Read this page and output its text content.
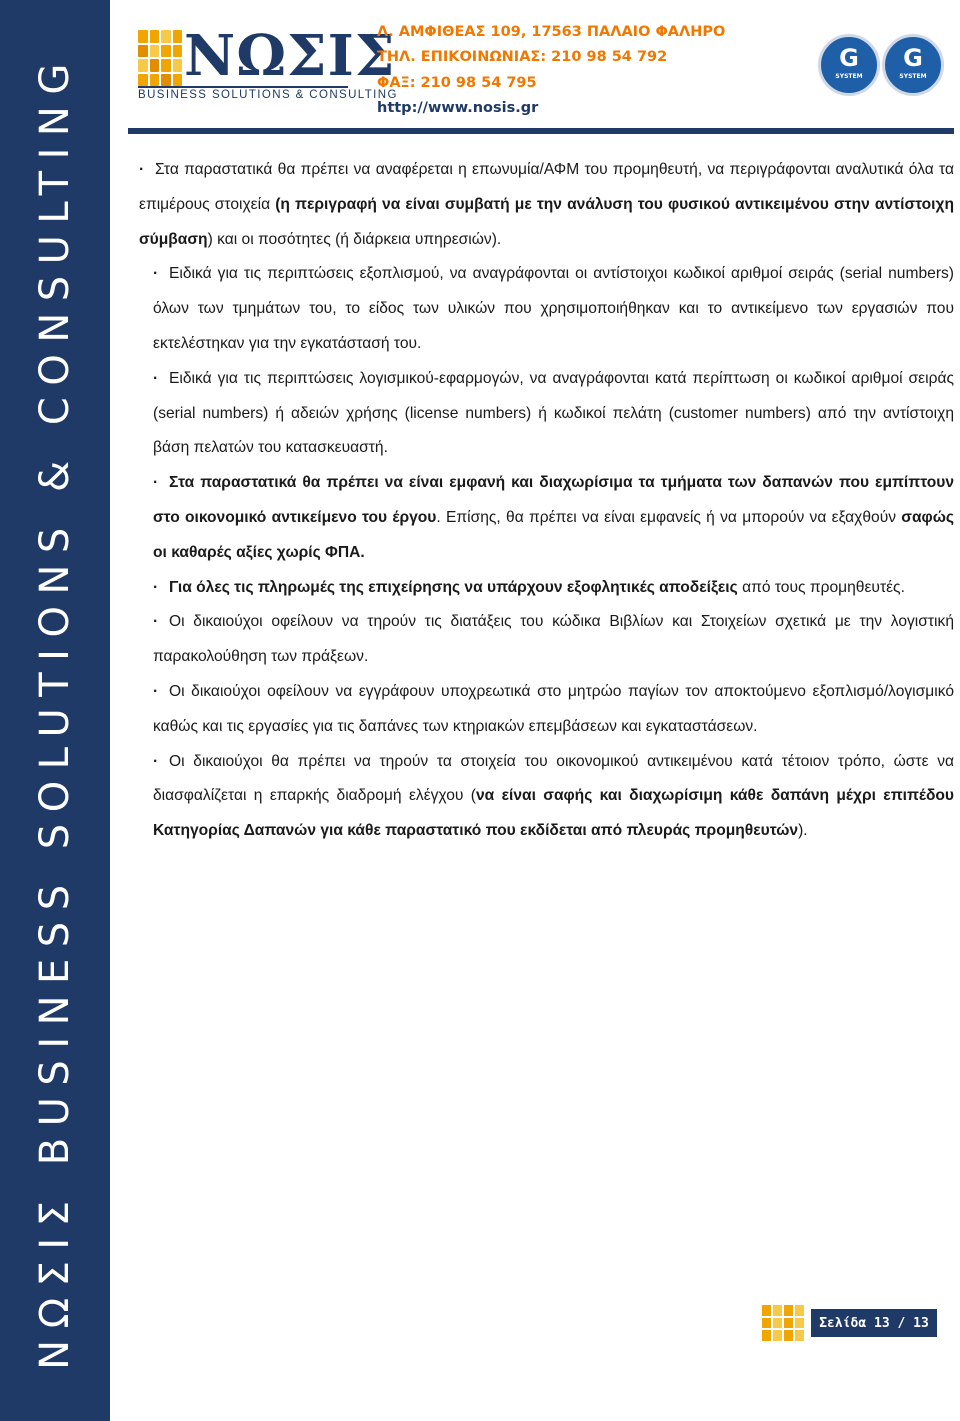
ΝΩΣΙΣ BUSINESS SOLUTIONS & CONSULTING ΝΩΣΙΣ
BUSINESS SOLUTIONS & CONSULTING
Λ. ΑΜΦΙΘΕΑΣ 109, 17563 ΠΑΛΑΙΟ ΦΑΛΗΡΟ
ΤΗΛ. ΕΠΙΚΟΙΝΩΝΙΑΣ: 210 98 54 792
ΦΑΞ: 210 98 54 795
http://www.nosis.gr
G
SYSTEM
G
SYSTEM

· Στα παραστατικά θα πρέπει να αναφέρεται η επωνυμία/ΑΦΜ του προμηθευτή, να περιγράφονται αναλυτικά όλα τα επιμέρους στοιχεία (η περιγραφή να είναι συμβατή με την ανάλυση του φυσικού αντικειμένου στην αντίστοιχη σύμβαση) και οι ποσότητες (ή διάρκεια υπηρεσιών).

· Ειδικά για τις περιπτώσεις εξοπλισμού, να αναγράφονται οι αντίστοιχοι κωδικοί αριθμοί σειράς (serial numbers) όλων των τμημάτων του, το είδος των υλικών που χρησιμοποιήθηκαν και το αντικείμενο των εργασιών που εκτελέστηκαν για την εγκατάστασή του.

· Ειδικά για τις περιπτώσεις λογισμικού-εφαρμογών, να αναγράφονται κατά περίπτωση οι κωδικοί αριθμοί σειράς (serial numbers) ή αδειών χρήσης (license numbers) ή κωδικοί πελάτη (customer numbers) από την αντίστοιχη βάση πελατών του κατασκευαστή.

· Στα παραστατικά θα πρέπει να είναι εμφανή και διαχωρίσιμα τα τμήματα των δαπανών που εμπίπτουν στο οικονομικό αντικείμενο του έργου. Επίσης, θα πρέπει να είναι εμφανείς ή να μπορούν να εξαχθούν σαφώς οι καθαρές αξίες χωρίς ΦΠΑ.

· Για όλες τις πληρωμές της επιχείρησης να υπάρχουν εξοφλητικές αποδείξεις από τους προμηθευτές.

· Οι δικαιούχοι οφείλουν να τηρούν τις διατάξεις του κώδικα Βιβλίων και Στοιχείων σχετικά με την λογιστική παρακολούθηση των πράξεων.

· Οι δικαιούχοι οφείλουν να εγγράφουν υποχρεωτικά στο μητρώο παγίων τον αποκτούμενο εξοπλισμό/λογισμικό καθώς και τις εργασίες για τις δαπάνες των κτηριακών επεμβάσεων και εγκαταστάσεων.

· Οι δικαιούχοι θα πρέπει να τηρούν τα στοιχεία του οικονομικού αντικειμένου κατά τέτοιον τρόπο, ώστε να διασφαλίζεται η επαρκής διαδρομή ελέγχου (να είναι σαφής και διαχωρίσιμη κάθε δαπάνη μέχρι επιπέδου Κατηγορίας Δαπανών για κάθε παραστατικό που εκδίδεται από πλευράς προμηθευτών).

Σελίδα 13 / 13
